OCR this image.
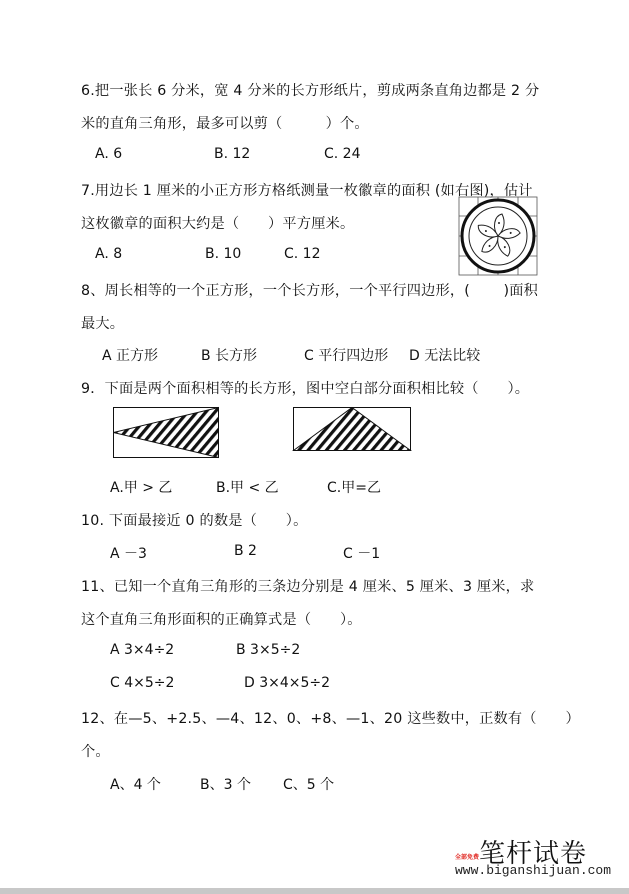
6.把一张长 6 分米，宽 4 分米的长方形纸片，剪成两条直角边都是 2 分
米的直角三角形，最多可以剪（　　　）个。
A. 6	B. 12	C. 24
7.用边长 1 厘米的小正方形方格纸测量一枚徽章的面积 (如右图)，估计
这枚徽章的面积大约是（　　）平方厘米。
A. 8	B. 10	C. 12
8、周长相等的一个正方形，一个长方形，一个平行四边形，(　　 )面积
最大。
A 正方形	B 长方形	C 平行四边形 D 无法比较
9．下面是两个面积相等的长方形，图中空白部分面积相比较（　　）。
A.甲 > 乙	B.甲 < 乙	C.甲=乙
10. 下面最接近 0 的数是（　　）。
A －3	B 2	C －1
11、已知一个直角三角形的三条边分别是 4 厘米、5 厘米、3 厘米，求
这个直角三角形面积的正确算式是（　　）。
A 3×4÷2	B 3×5÷2
C 4×5÷2	D 3×4×5÷2
12、在—5、+2.5、—4、12、0、+8、—1、20 这些数中，正数有（　　）
个。
A、4 个	B、3 个 C、5 个
笔杆试卷
全部免费
www.biganshijuan.com
